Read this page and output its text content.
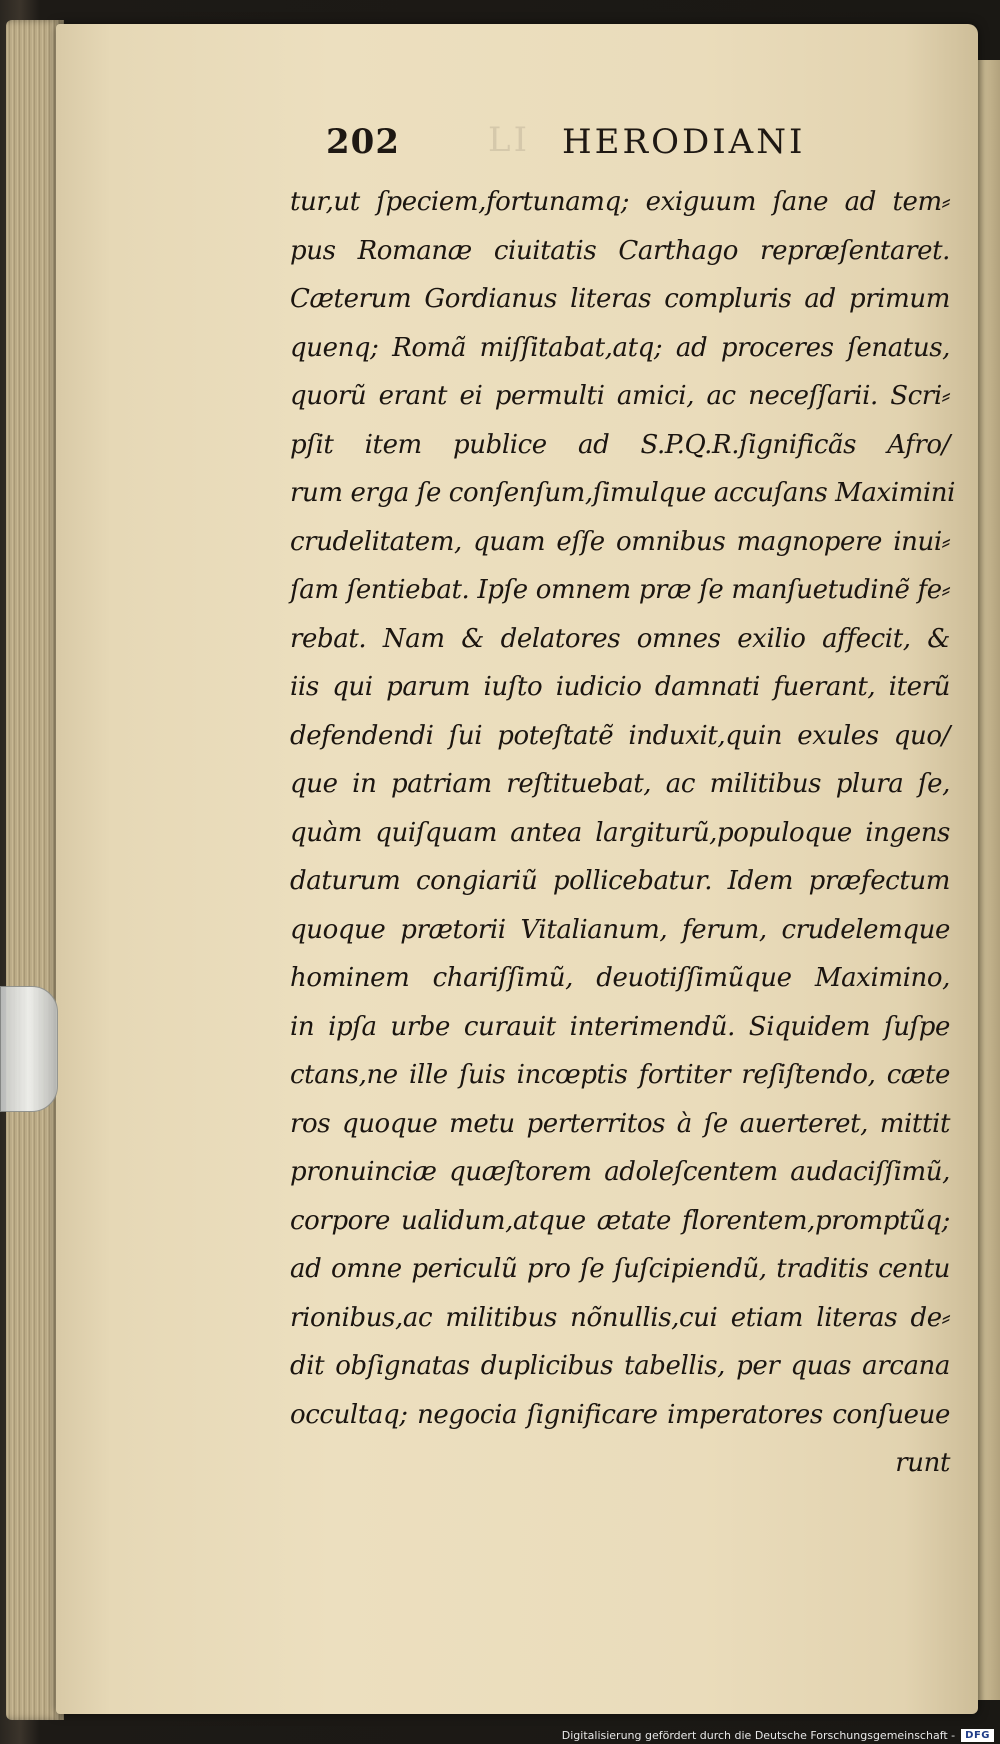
LI
202	HERODIANI
tur,ut ſpeciem,fortunamq; exiguum ſane ad tem⸗
pus Romanæ ciuitatis Carthago repræſentaret.
Cæterum Gordianus literas compluris ad primum
quenq; Romã miſſitabat,atq; ad proceres ſenatus,
quorũ erant ei permulti amici, ac neceſſarii. Scri⸗
pſit item publice ad S.P.Q.R.ſignificãs Afro/
rum erga ſe conſenſum,ſimulque accuſans Maximini
crudelitatem, quam eſſe omnibus magnopere inui⸗
ſam ſentiebat. Ipſe omnem præ ſe manſuetudinẽ fe⸗
rebat. Nam & delatores omnes exilio affecit, &
iis qui parum iuſto iudicio damnati fuerant, iterũ
defendendi ſui poteſtatẽ induxit,quin exules quo/
que in patriam reſtituebat, ac militibus plura ſe,
quàm quiſquam antea largiturũ,populoque ingens
daturum congiariũ pollicebatur. Idem præfectum
quoque prætorii Vitalianum, ferum, crudelemque
hominem chariſſimũ, deuotiſſimũque Maximino,
in ipſa urbe curauit interimendũ. Siquidem ſuſpe
ctans,ne ille ſuis incœptis fortiter reſiſtendo, cæte
ros quoque metu perterritos à ſe auerteret, mittit
pronuinciæ quæſtorem adoleſcentem audaciſſimũ,
corpore ualidum,atque ætate florentem,promptũq;
ad omne periculũ pro ſe ſuſcipiendũ, traditis centu
rionibus,ac militibus nõnullis,cui etiam literas de⸗
dit obſignatas duplicibus tabellis, per quas arcana
occultaq; negocia ſignificare imperatores conſueue
runt
Digitalisierung gefördert durch die Deutsche Forschungsgemeinschaft -	DFG
